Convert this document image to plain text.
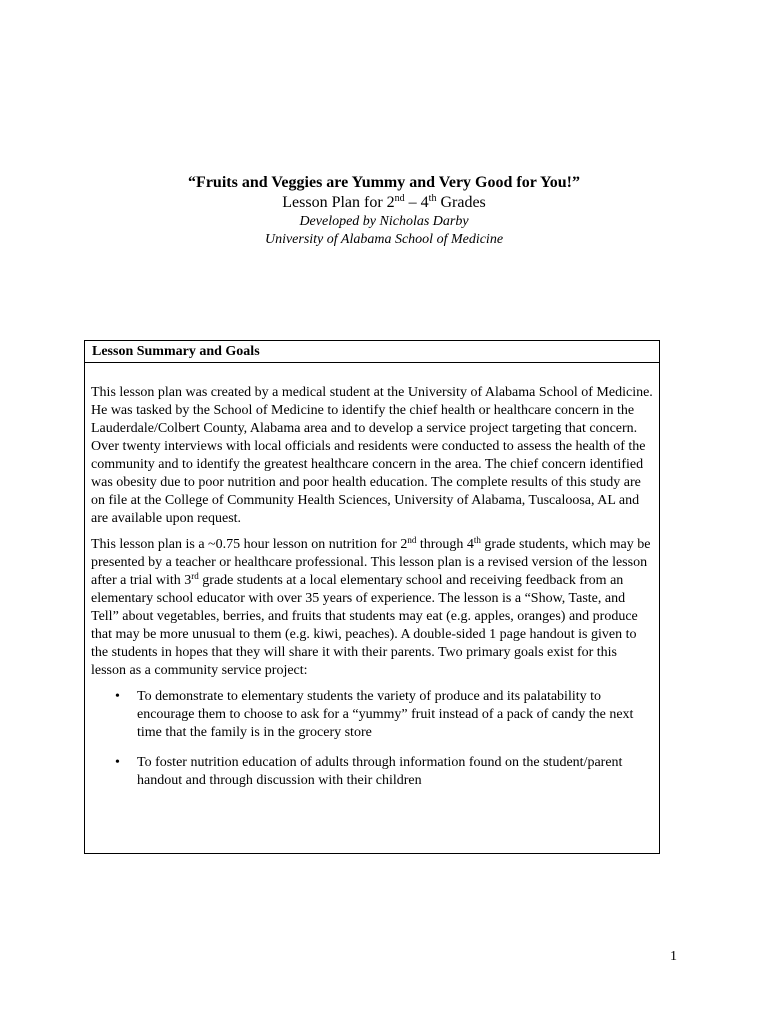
“Fruits and Veggies are Yummy and Very Good for You!”

Lesson Plan for 2nd – 4th Grades

Developed by Nicholas Darby

University of Alabama School of Medicine

Lesson Summary and Goals

This lesson plan was created by a medical student at the University of Alabama School of Medicine. He was tasked by the School of Medicine to identify the chief health or healthcare concern in the Lauderdale/Colbert County, Alabama area and to develop a service project targeting that concern. Over twenty interviews with local officials and residents were conducted to assess the health of the community and to identify the greatest healthcare concern in the area. The chief concern identified was obesity due to poor nutrition and poor health education. The complete results of this study are on file at the College of Community Health Sciences, University of Alabama, Tuscaloosa, AL and are available upon request.

This lesson plan is a ~0.75 hour lesson on nutrition for 2nd through 4th grade students, which may be presented by a teacher or healthcare professional. This lesson plan is a revised version of the lesson after a trial with 3rd grade students at a local elementary school and receiving feedback from an elementary school educator with over 35 years of experience. The lesson is a “Show, Taste, and Tell” about vegetables, berries, and fruits that students may eat (e.g. apples, oranges) and produce that may be more unusual to them (e.g. kiwi, peaches). A double-sided 1 page handout is given to the students in hopes that they will share it with their parents. Two primary goals exist for this lesson as a community service project:

• To demonstrate to elementary students the variety of produce and its palatability to encourage them to choose to ask for a “yummy” fruit instead of a pack of candy the next time that the family is in the grocery store
• To foster nutrition education of adults through information found on the student/parent handout and through discussion with their children
1
